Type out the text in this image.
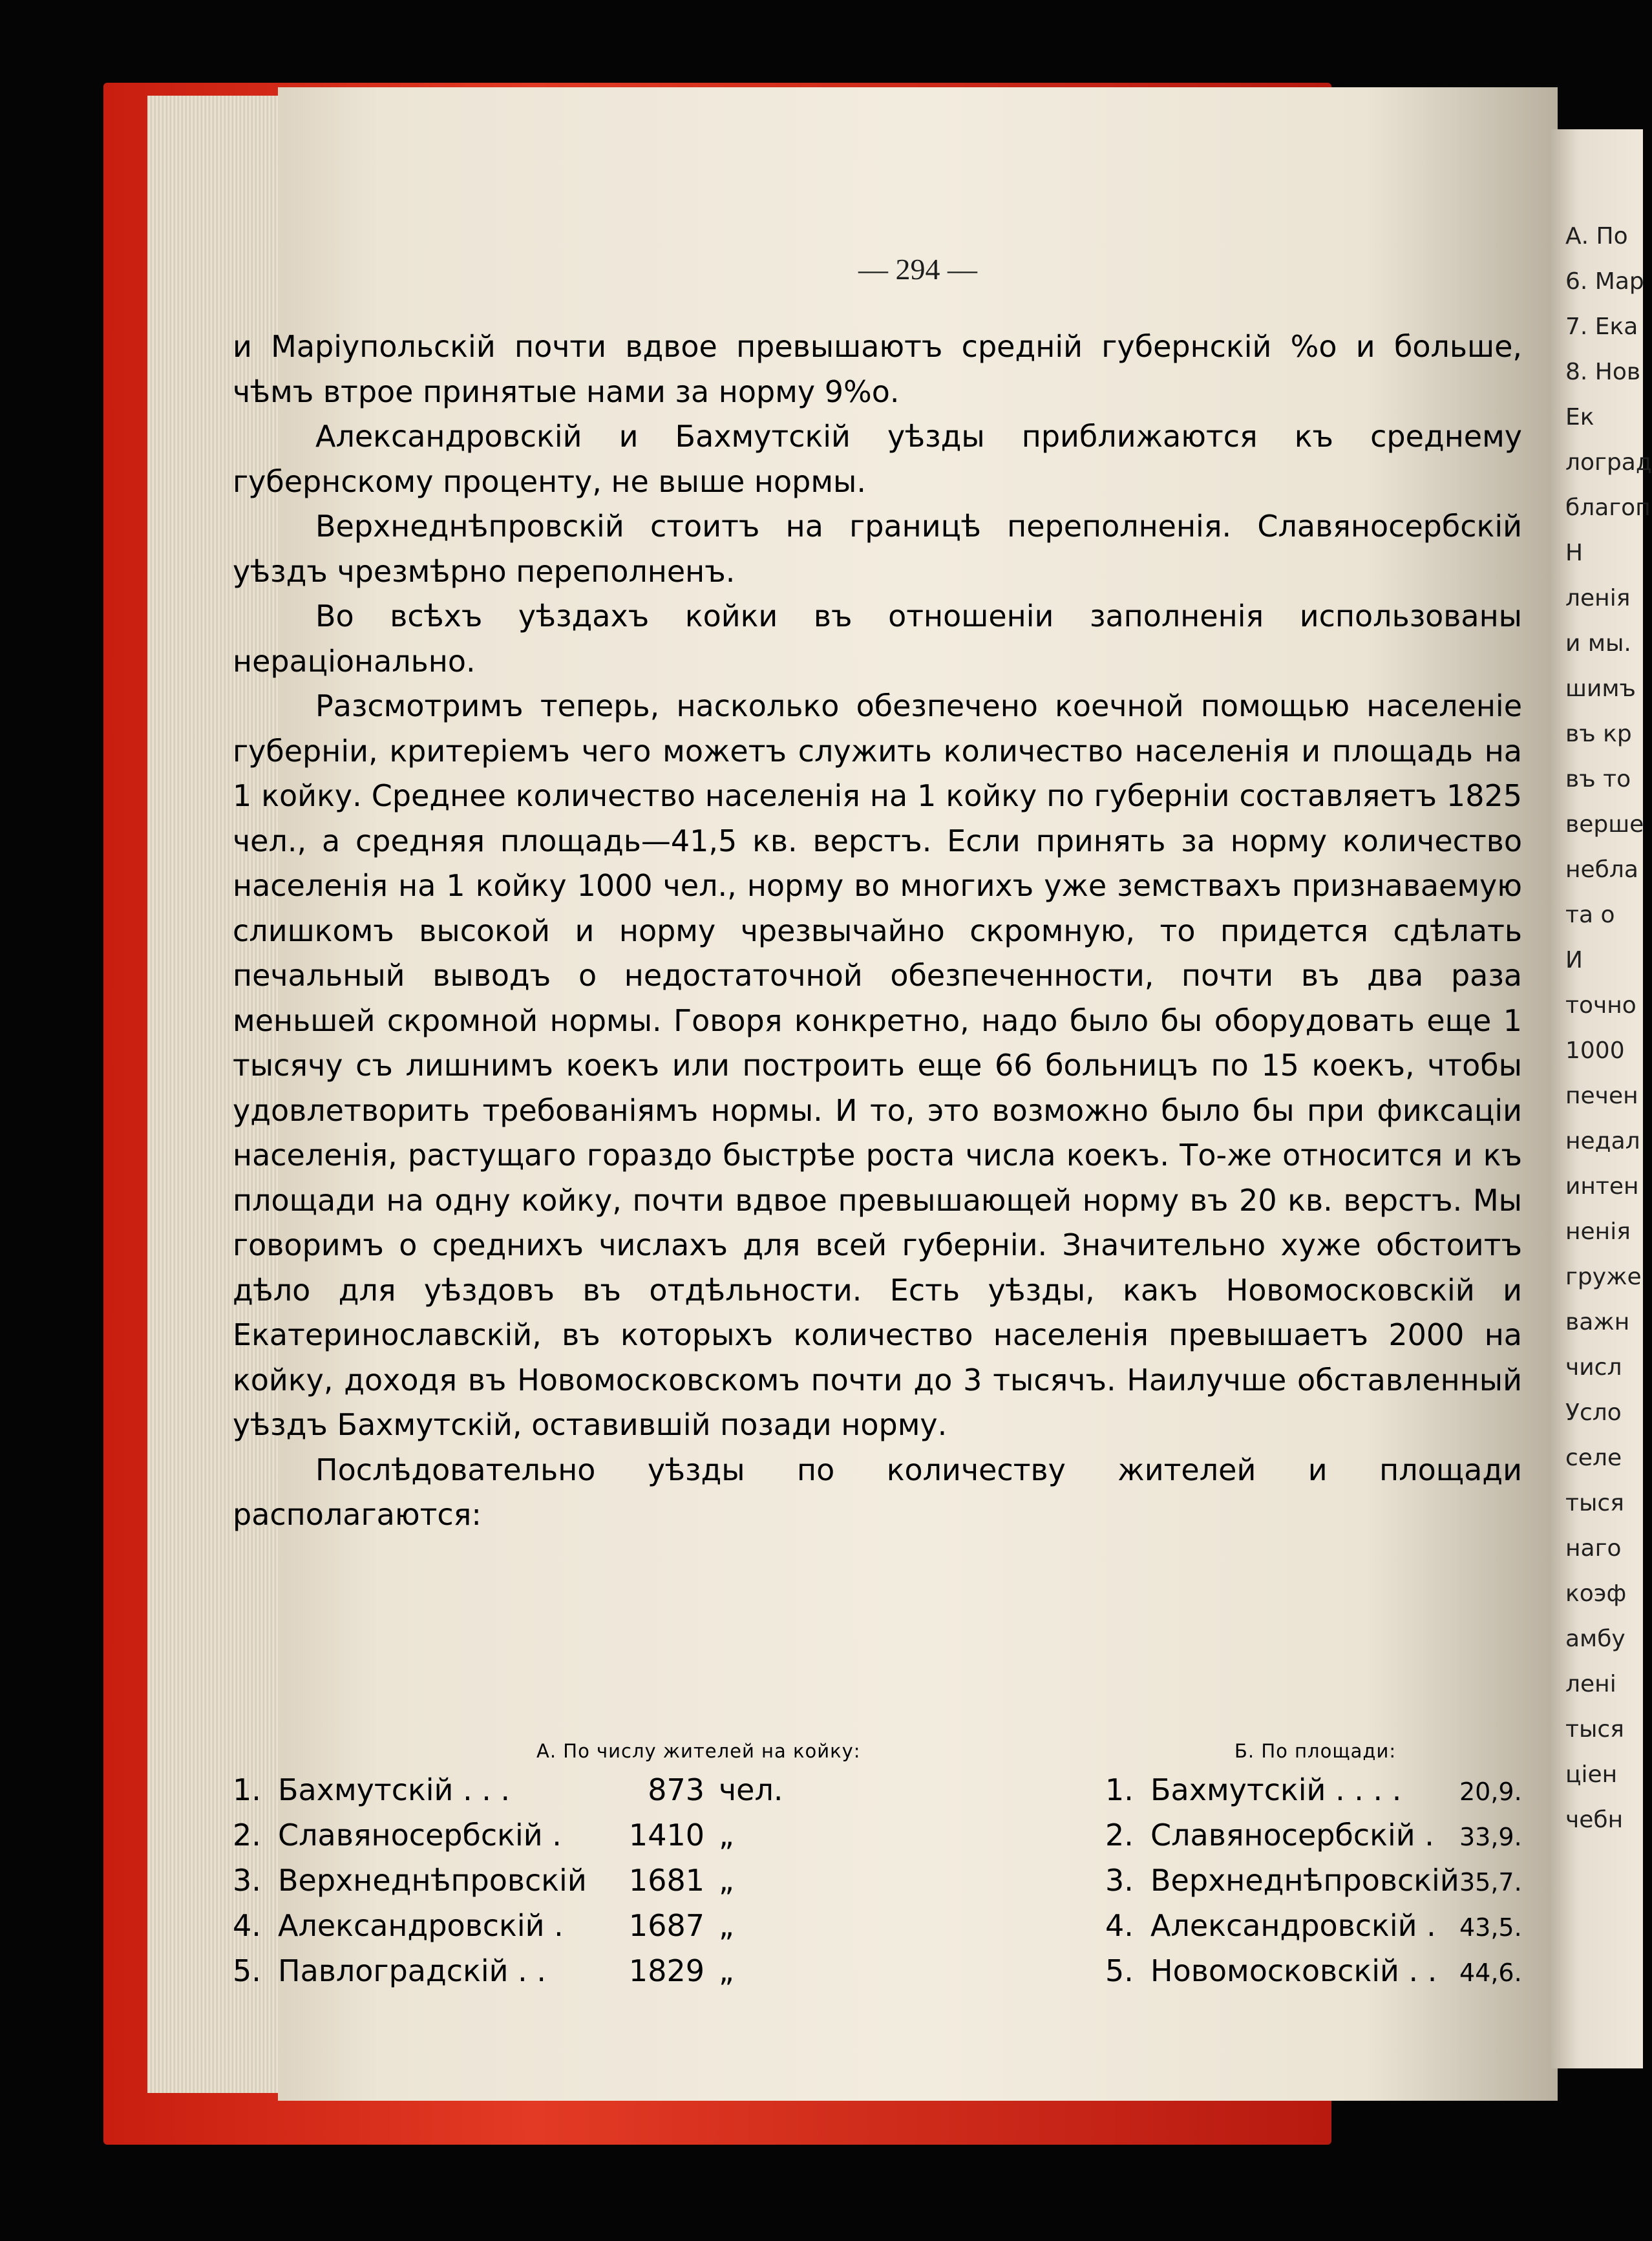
— 294 —

и Маріупольскій почти вдвое превышаютъ средній губернскій %о и больше, чѣмъ втрое принятые нами за норму 9%о.

Александровскій и Бахмутскій уѣзды приближаются къ среднему губернскому проценту, не выше нормы.

Верхнеднѣпровскій стоитъ на границѣ переполненія. Славяносербскій уѣздъ чрезмѣрно переполненъ.

Во всѣхъ уѣздахъ койки въ отношеніи заполненія использованы нераціонально.

Разсмотримъ теперь, насколько обезпечено коечной помощью населеніе губерніи, критеріемъ чего можетъ служить количество населенія и площадь на 1 койку. Среднее количество населенія на 1 койку по губерніи составляетъ 1825 чел., а средняя площадь—41,5 кв. верстъ. Если принять за норму количество населенія на 1 койку 1000 чел., норму во многихъ уже земствахъ признаваемую слишкомъ высокой и норму чрезвычайно скромную, то придется сдѣлать печальный выводъ о недостаточной обезпеченности, почти въ два раза меньшей скромной нормы. Говоря конкретно, надо было бы оборудовать еще 1 тысячу съ лишнимъ коекъ или построить еще 66 больницъ по 15 коекъ, чтобы удовлетворить требованіямъ нормы. И то, это возможно было бы при фиксаціи населенія, растущаго гораздо быстрѣе роста числа коекъ. То-же относится и къ площади на одну койку, почти вдвое превышающей норму въ 20 кв. верстъ. Мы говоримъ о среднихъ числахъ для всей губерніи. Значительно хуже обстоитъ дѣло для уѣздовъ въ отдѣльности. Есть уѣзды, какъ Новомосковскій и Екатеринославскій, въ которыхъ количество населенія превышаетъ 2000 на койку, доходя въ Новомосковскомъ почти до 3 тысячъ. Наилучше обставленный уѣздъ Бахмутскій, оставившій позади норму.

Послѣдовательно уѣзды по количеству жителей и площади располагаются:

А. По числу жителей на койку:	Б. По площади:
1. Бахмутскій . . .	873 чел.
2. Славяносербскій . 1410 „
3. Верхнеднѣпровскій 1681 „
4. Александровскій . 1687 „
5. Павлоградскій . .	1829 „
1. Бахмутскій . . . . 20,9.
2. Славяносербскій . 33,9.
3. Верхнеднѣпровскій35,7.
4. Александровскій . 43,5.
5. Новомосковскій . . 44,6.
А. По
6. Мар
7. Ека
8. Нов
Ек
лоград
благоп
Н
ленія
и мы.
шимъ
въ кр
въ то
верше
небла
та о
И
точно
1000
печен
недал
интен
ненія
гружe
важн
числ
Усло
селе
тыся
наго
коэф
амбу
лені
тыся
ціен
чебн
